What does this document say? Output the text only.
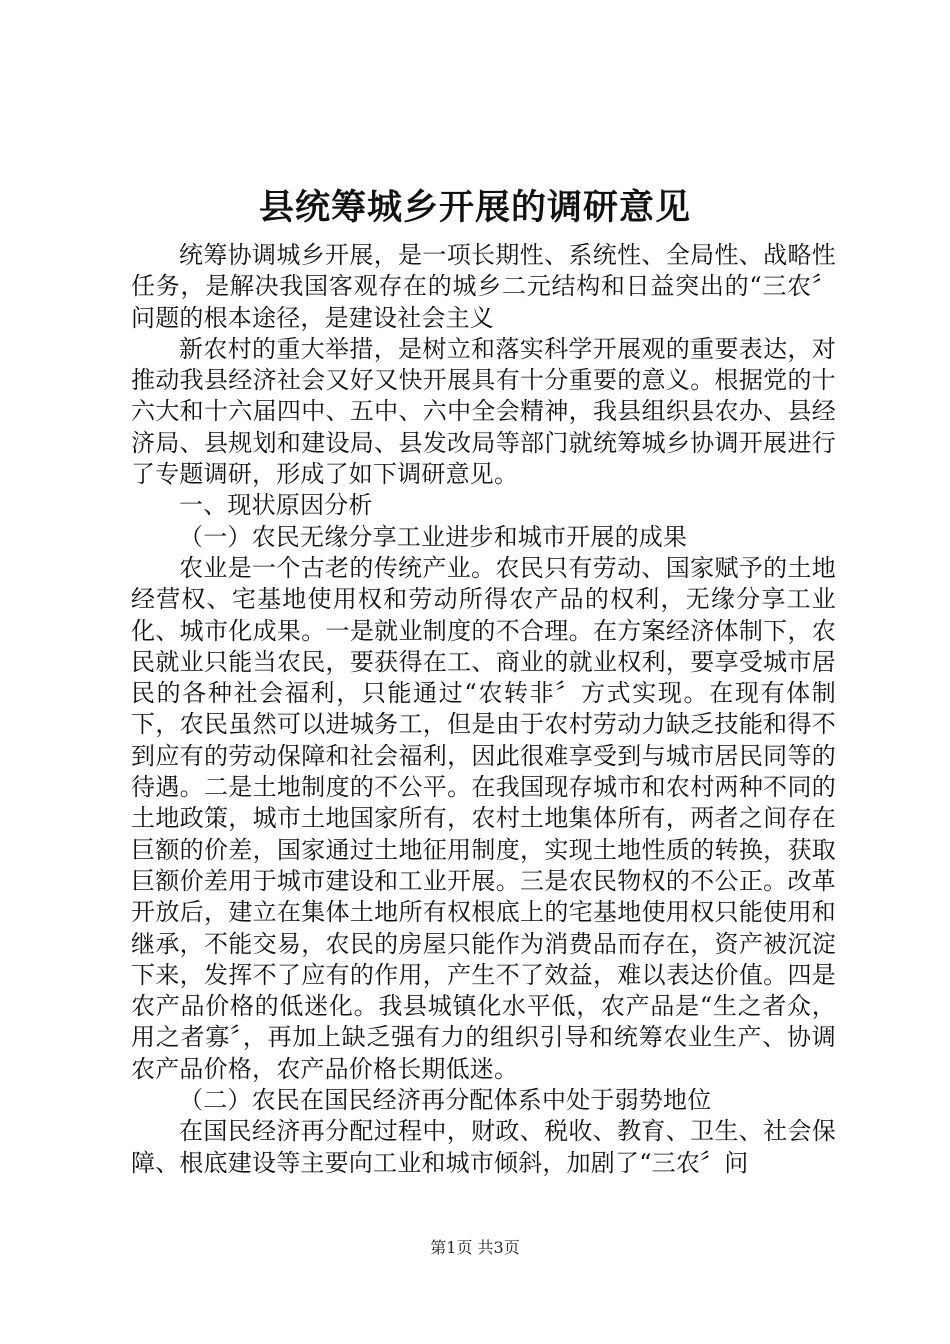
县统筹城乡开展的调研意见

统筹协调城乡开展，是一项长期性、系统性、全局性、战略性任务，是解决我国客观存在的城乡二元结构和日益突出的“三农〞问题的根本途径，是建设社会主义

新农村的重大举措，是树立和落实科学开展观的重要表达，对推动我县经济社会又好又快开展具有十分重要的意义。根据党的十六大和十六届四中、五中、六中全会精神，我县组织县农办、县经济局、县规划和建设局、县发改局等部门就统筹城乡协调开展进行了专题调研，形成了如下调研意见。

一、现状原因分析

（一）农民无缘分享工业进步和城市开展的成果

农业是一个古老的传统产业。农民只有劳动、国家赋予的土地经营权、宅基地使用权和劳动所得农产品的权利，无缘分享工业化、城市化成果。一是就业制度的不合理。在方案经济体制下，农民就业只能当农民，要获得在工、商业的就业权利，要享受城市居民的各种社会福利，只能通过“农转非〞方式实现。在现有体制下，农民虽然可以进城务工，但是由于农村劳动力缺乏技能和得不到应有的劳动保障和社会福利，因此很难享受到与城市居民同等的待遇。二是土地制度的不公平。在我国现存城市和农村两种不同的土地政策，城市土地国家所有，农村土地集体所有，两者之间存在巨额的价差，国家通过土地征用制度，实现土地性质的转换，获取巨额价差用于城市建设和工业开展。三是农民物权的不公正。改革开放后，建立在集体土地所有权根底上的宅基地使用权只能使用和继承，不能交易，农民的房屋只能作为消费品而存在，资产被沉淀下来，发挥不了应有的作用，产生不了效益，难以表达价值。四是农产品价格的低迷化。我县城镇化水平低，农产品是“生之者众，用之者寡〞，再加上缺乏强有力的组织引导和统筹农业生产、协调农产品价格，农产品价格长期低迷。

（二）农民在国民经济再分配体系中处于弱势地位

在国民经济再分配过程中，财政、税收、教育、卫生、社会保障、根底建设等主要向工业和城市倾斜，加剧了“三农〞问

第1页 共3页
